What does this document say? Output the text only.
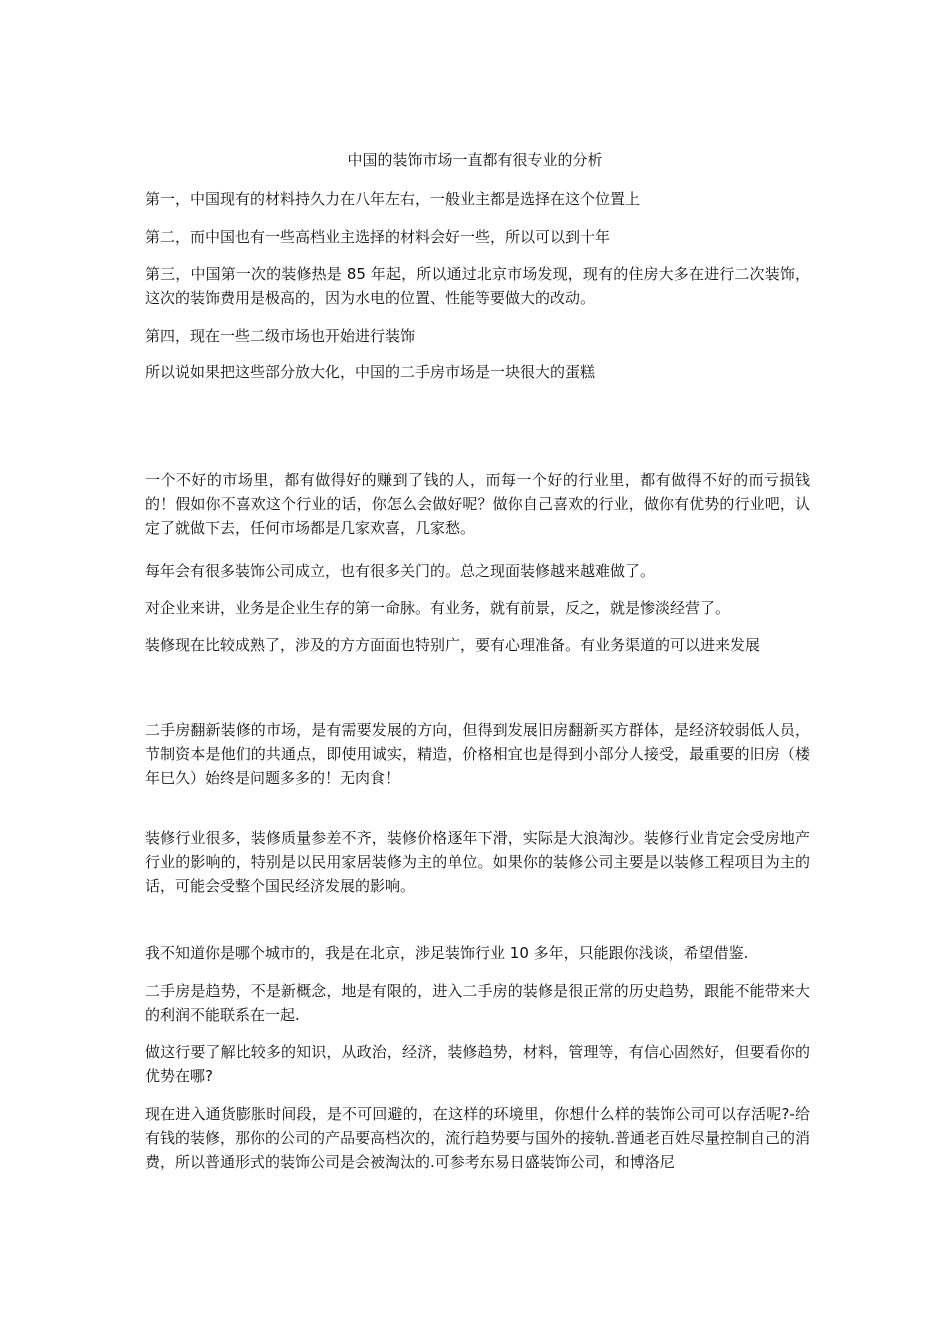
中国的装饰市场一直都有很专业的分析

第一，中国现有的材料持久力在八年左右，一般业主都是选择在这个位置上

第二，而中国也有一些高档业主选择的材料会好一些，所以可以到十年

第三，中国第一次的装修热是 85 年起，所以通过北京市场发现，现有的住房大多在进行二次装饰，这次的装饰费用是极高的，因为水电的位置、性能等要做大的改动。

第四，现在一些二级市场也开始进行装饰

所以说如果把这些部分放大化，中国的二手房市场是一块很大的蛋糕

一个不好的市场里，都有做得好的赚到了钱的人，而每一个好的行业里，都有做得不好的而亏损钱的！假如你不喜欢这个行业的话，你怎么会做好呢？做你自己喜欢的行业，做你有优势的行业吧，认定了就做下去，任何市场都是几家欢喜，几家愁。

每年会有很多装饰公司成立，也有很多关门的。总之现面装修越来越难做了。

对企业来讲，业务是企业生存的第一命脉。有业务，就有前景，反之，就是惨淡经营了。

装修现在比较成熟了，涉及的方方面面也特别广，要有心理准备。有业务渠道的可以进来发展

二手房翻新装修的市场，是有需要发展的方向，但得到发展旧房翻新买方群体，是经济较弱低人员，节制资本是他们的共通点，即使用诚实，精造，价格相宜也是得到小部分人接受，最重要的旧房（楼年巳久）始终是问题多多的！无肉食！

装修行业很多，装修质量参差不齐，装修价格逐年下滑，实际是大浪淘沙。装修行业肯定会受房地产行业的影响的，特别是以民用家居装修为主的单位。如果你的装修公司主要是以装修工程项目为主的话，可能会受整个国民经济发展的影响。

我不知道你是哪个城市的，我是在北京，涉足装饰行业 10 多年，只能跟你浅谈，希望借鉴.

二手房是趋势，不是新概念，地是有限的，进入二手房的装修是很正常的历史趋势，跟能不能带来大的利润不能联系在一起.

做这行要了解比较多的知识，从政治，经济，装修趋势，材料，管理等，有信心固然好，但要看你的优势在哪?

现在进入通货膨胀时间段，是不可回避的，在这样的环境里，你想什么样的装饰公司可以存活呢?-给有钱的装修，那你的公司的产品要高档次的，流行趋势要与国外的接轨.普通老百姓尽量控制自己的消费，所以普通形式的装饰公司是会被淘汰的.可参考东易日盛装饰公司，和博洛尼
